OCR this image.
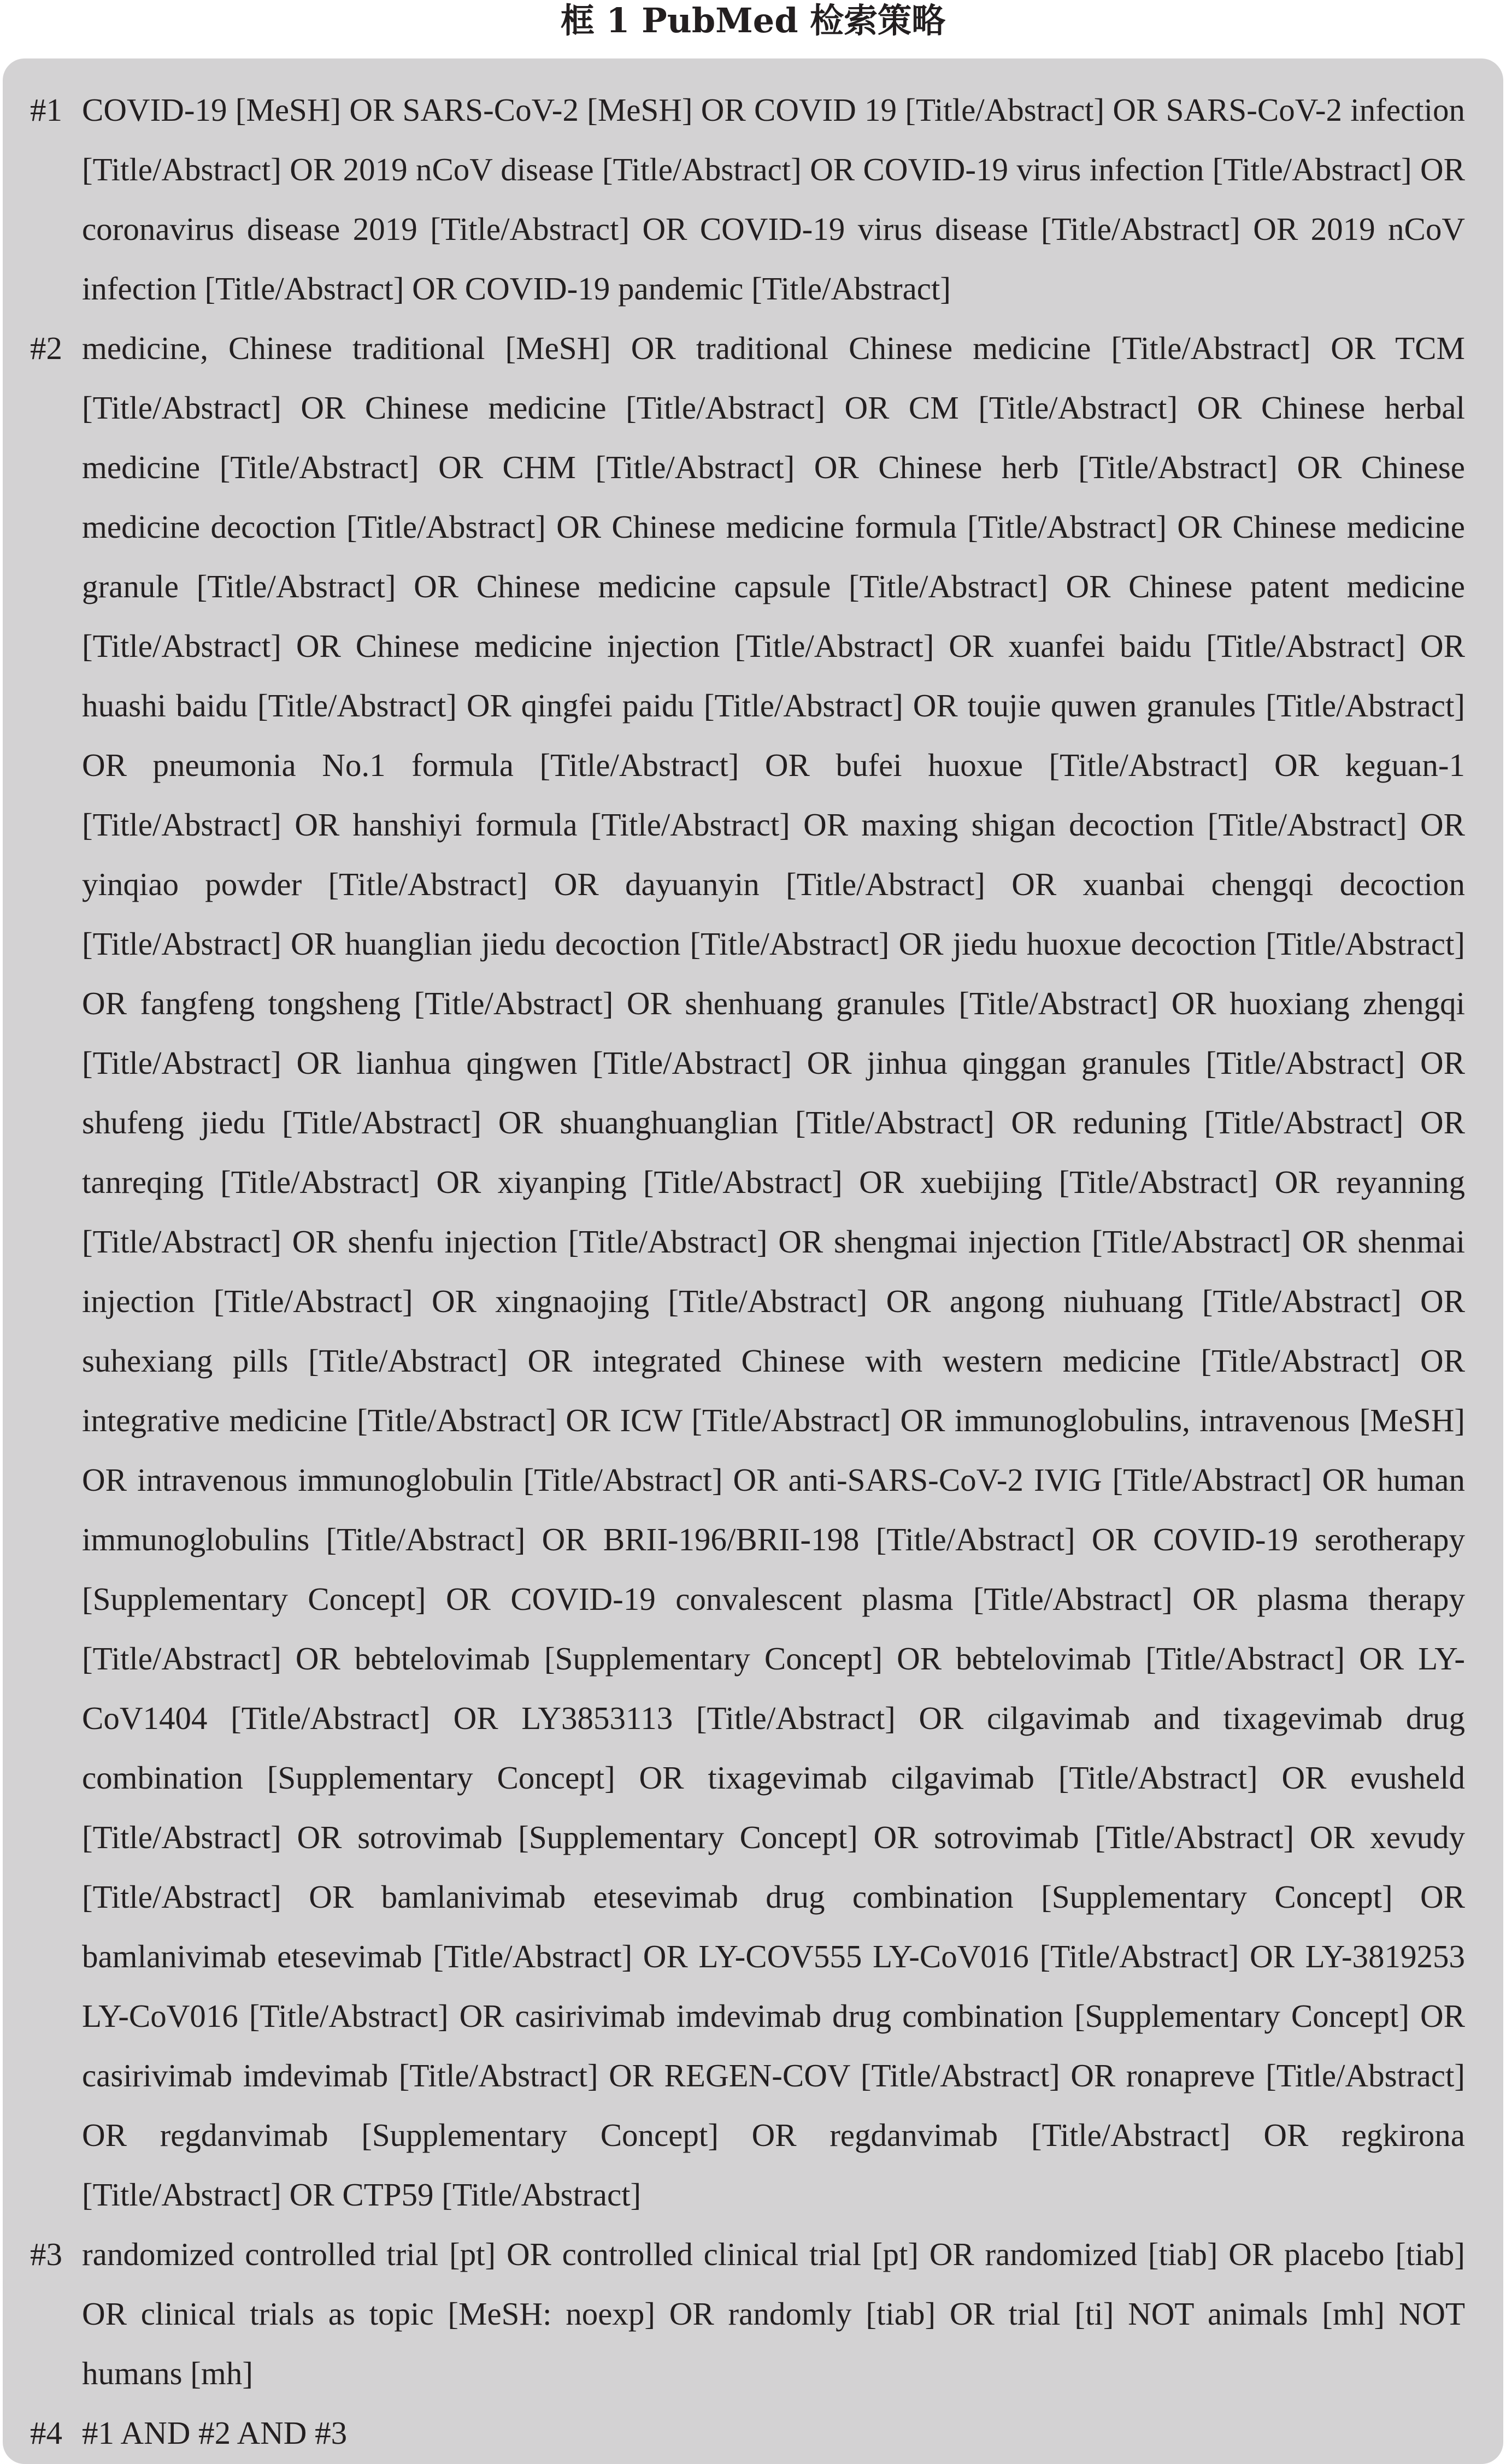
框 1 PubMed 检索策略
#1 COVID-19 [MeSH] OR SARS-CoV-2 [MeSH] OR COVID 19 [Title/Abstract] OR SARS-CoV-2 infection [Title/Abstract] OR 2019 nCoV disease [Title/Abstract] OR COVID-19 virus infection [Title/Abstract] OR coronavirus disease 2019 [Title/Abstract] OR COVID-19 virus disease [Title/Abstract] OR 2019 nCoV infection [Title/Abstract] OR COVID-19 pandemic [Title/Abstract]
#2 medicine, Chinese traditional [MeSH] OR traditional Chinese medicine [Title/Abstract] OR TCM [Title/Abstract] OR Chinese medicine [Title/Abstract] OR CM [Title/Abstract] OR Chinese herbal medicine [Title/Abstract] OR CHM [Title/Abstract] OR Chinese herb [Title/Abstract] OR Chinese medicine decoction [Title/Abstract] OR Chinese medicine formula [Title/Abstract] OR Chinese medicine granule [Title/Abstract] OR Chinese medicine capsule [Title/Abstract] OR Chinese patent medicine [Title/Abstract] OR Chinese medicine injection [Title/Abstract] OR xuanfei baidu [Title/Abstract] OR huashi baidu [Title/Abstract] OR qingfei paidu [Title/Abstract] OR toujie quwen granules [Title/Abstract] OR pneumonia No.1 formula [Title/Abstract] OR bufei huoxue [Title/Abstract] OR keguan-1 [Title/Abstract] OR hanshiyi formula [Title/Abstract] OR maxing shigan decoction [Title/Abstract] OR yinqiao powder [Title/Abstract] OR dayuanyin [Title/Abstract] OR xuanbai chengqi decoction [Title/Abstract] OR huanglian jiedu decoction [Title/Abstract] OR jiedu huoxue decoction [Title/Abstract] OR fangfeng tongsheng [Title/Abstract] OR shenhuang granules [Title/Abstract] OR huoxiang zhengqi [Title/Abstract] OR lianhua qingwen [Title/Abstract] OR jinhua qinggan granules [Title/Abstract] OR shufeng jiedu [Title/Abstract] OR shuanghuanglian [Title/Abstract] OR reduning [Title/Abstract] OR tanreqing [Title/Abstract] OR xiyanping [Title/Abstract] OR xuebijing [Title/Abstract] OR reyanning [Title/Abstract] OR shenfu injection [Title/Abstract] OR shengmai injection [Title/Abstract] OR shenmai injection [Title/Abstract] OR xingnaojing [Title/Abstract] OR angong niuhuang [Title/Abstract] OR suhexiang pills [Title/Abstract] OR integrated Chinese with western medicine [Title/Abstract] OR integrative medicine [Title/Abstract] OR ICW [Title/Abstract] OR immunoglobulins, intravenous [MeSH] OR intravenous immunoglobulin [Title/Abstract] OR anti-SARS-CoV-2 IVIG [Title/Abstract] OR human immunoglobulins [Title/Abstract] OR BRII-196/BRII-198 [Title/Abstract] OR COVID-19 serotherapy [Supplementary Concept] OR COVID-19 convalescent plasma [Title/Abstract] OR plasma therapy [Title/Abstract] OR bebtelovimab [Supplementary Concept] OR bebtelovimab [Title/Abstract] OR LY-CoV1404 [Title/Abstract] OR LY3853113 [Title/Abstract] OR cilgavimab and tixagevimab drug combination [Supplementary Concept] OR tixagevimab cilgavimab [Title/Abstract] OR evusheld [Title/Abstract] OR sotrovimab [Supplementary Concept] OR sotrovimab [Title/Abstract] OR xevudy [Title/Abstract] OR bamlanivimab etesevimab drug combination [Supplementary Concept] OR bamlanivimab etesevimab [Title/Abstract] OR LY-COV555 LY-CoV016 [Title/Abstract] OR LY-3819253 LY-CoV016 [Title/Abstract] OR casirivimab imdevimab drug combination [Supplementary Concept] OR casirivimab imdevimab [Title/Abstract] OR REGEN-COV [Title/Abstract] OR ronapreve [Title/Abstract] OR regdanvimab [Supplementary Concept] OR regdanvimab [Title/Abstract] OR regkirona [Title/Abstract] OR CTP59 [Title/Abstract]
#3 randomized controlled trial [pt] OR controlled clinical trial [pt] OR randomized [tiab] OR placebo [tiab] OR clinical trials as topic [MeSH: noexp] OR randomly [tiab] OR trial [ti] NOT animals [mh] NOT humans [mh]
#4 #1 AND #2 AND #3
